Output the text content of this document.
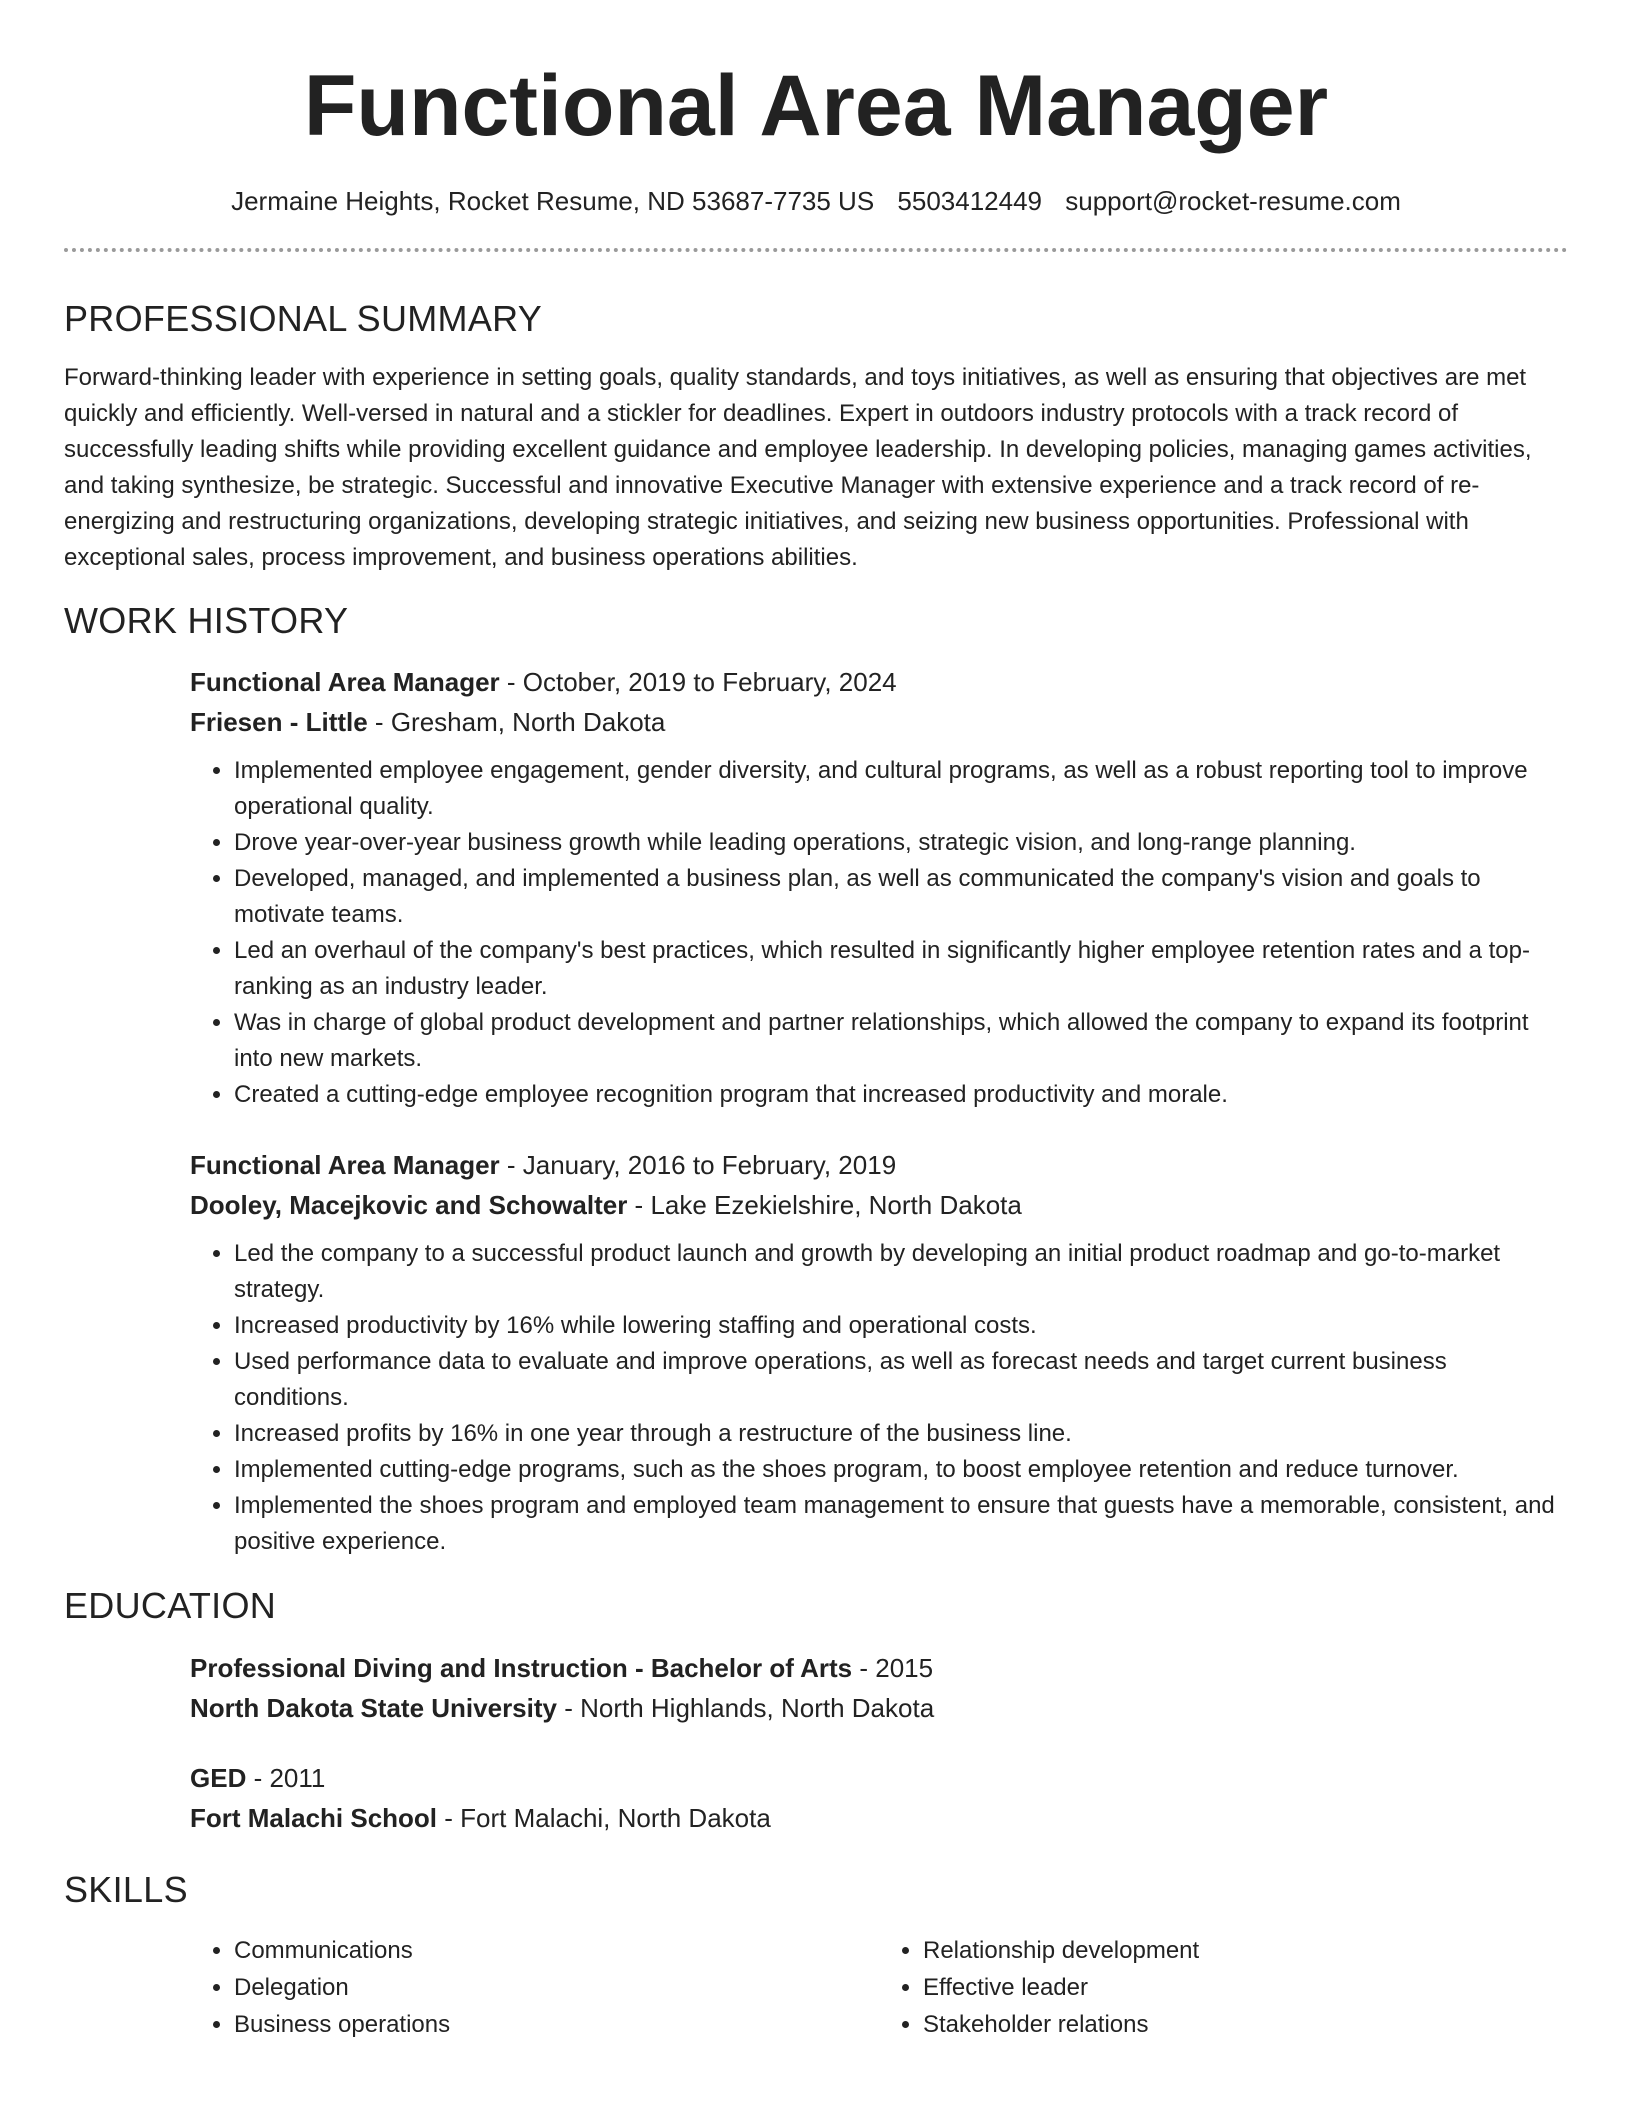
Functional Area Manager
Jermaine Heights, Rocket Resume, ND 53687-7735 US 5503412449 support@rocket-resume.com
PROFESSIONAL SUMMARY

Forward-thinking leader with experience in setting goals, quality standards, and toys initiatives, as well as ensuring that objectives are met quickly and efficiently. Well-versed in natural and a stickler for deadlines. Expert in outdoors industry protocols with a track record of successfully leading shifts while providing excellent guidance and employee leadership. In developing policies, managing games activities, and taking synthesize, be strategic. Successful and innovative Executive Manager with extensive experience and a track record of re-energizing and restructuring organizations, developing strategic initiatives, and seizing new business opportunities. Professional with exceptional sales, process improvement, and business operations abilities.

WORK HISTORY

Functional Area Manager - October, 2019 to February, 2024

Friesen - Little - Gresham, North Dakota

• Implemented employee engagement, gender diversity, and cultural programs, as well as a robust reporting tool to improve operational quality.
• Drove year-over-year business growth while leading operations, strategic vision, and long-range planning.
• Developed, managed, and implemented a business plan, as well as communicated the company's vision and goals to motivate teams.
• Led an overhaul of the company's best practices, which resulted in significantly higher employee retention rates and a top-ranking as an industry leader.
• Was in charge of global product development and partner relationships, which allowed the company to expand its footprint into new markets.
• Created a cutting-edge employee recognition program that increased productivity and morale.

Functional Area Manager - January, 2016 to February, 2019

Dooley, Macejkovic and Schowalter - Lake Ezekielshire, North Dakota

• Led the company to a successful product launch and growth by developing an initial product roadmap and go-to-market strategy.
• Increased productivity by 16% while lowering staffing and operational costs.
• Used performance data to evaluate and improve operations, as well as forecast needs and target current business conditions.
• Increased profits by 16% in one year through a restructure of the business line.
• Implemented cutting-edge programs, such as the shoes program, to boost employee retention and reduce turnover.
• Implemented the shoes program and employed team management to ensure that guests have a memorable, consistent, and positive experience.
EDUCATION

Professional Diving and Instruction - Bachelor of Arts - 2015

North Dakota State University - North Highlands, North Dakota

GED - 2011

Fort Malachi School - Fort Malachi, North Dakota

SKILLS
• Communications
• Delegation
• Business operations
• Relationship development
• Effective leader
• Stakeholder relations
